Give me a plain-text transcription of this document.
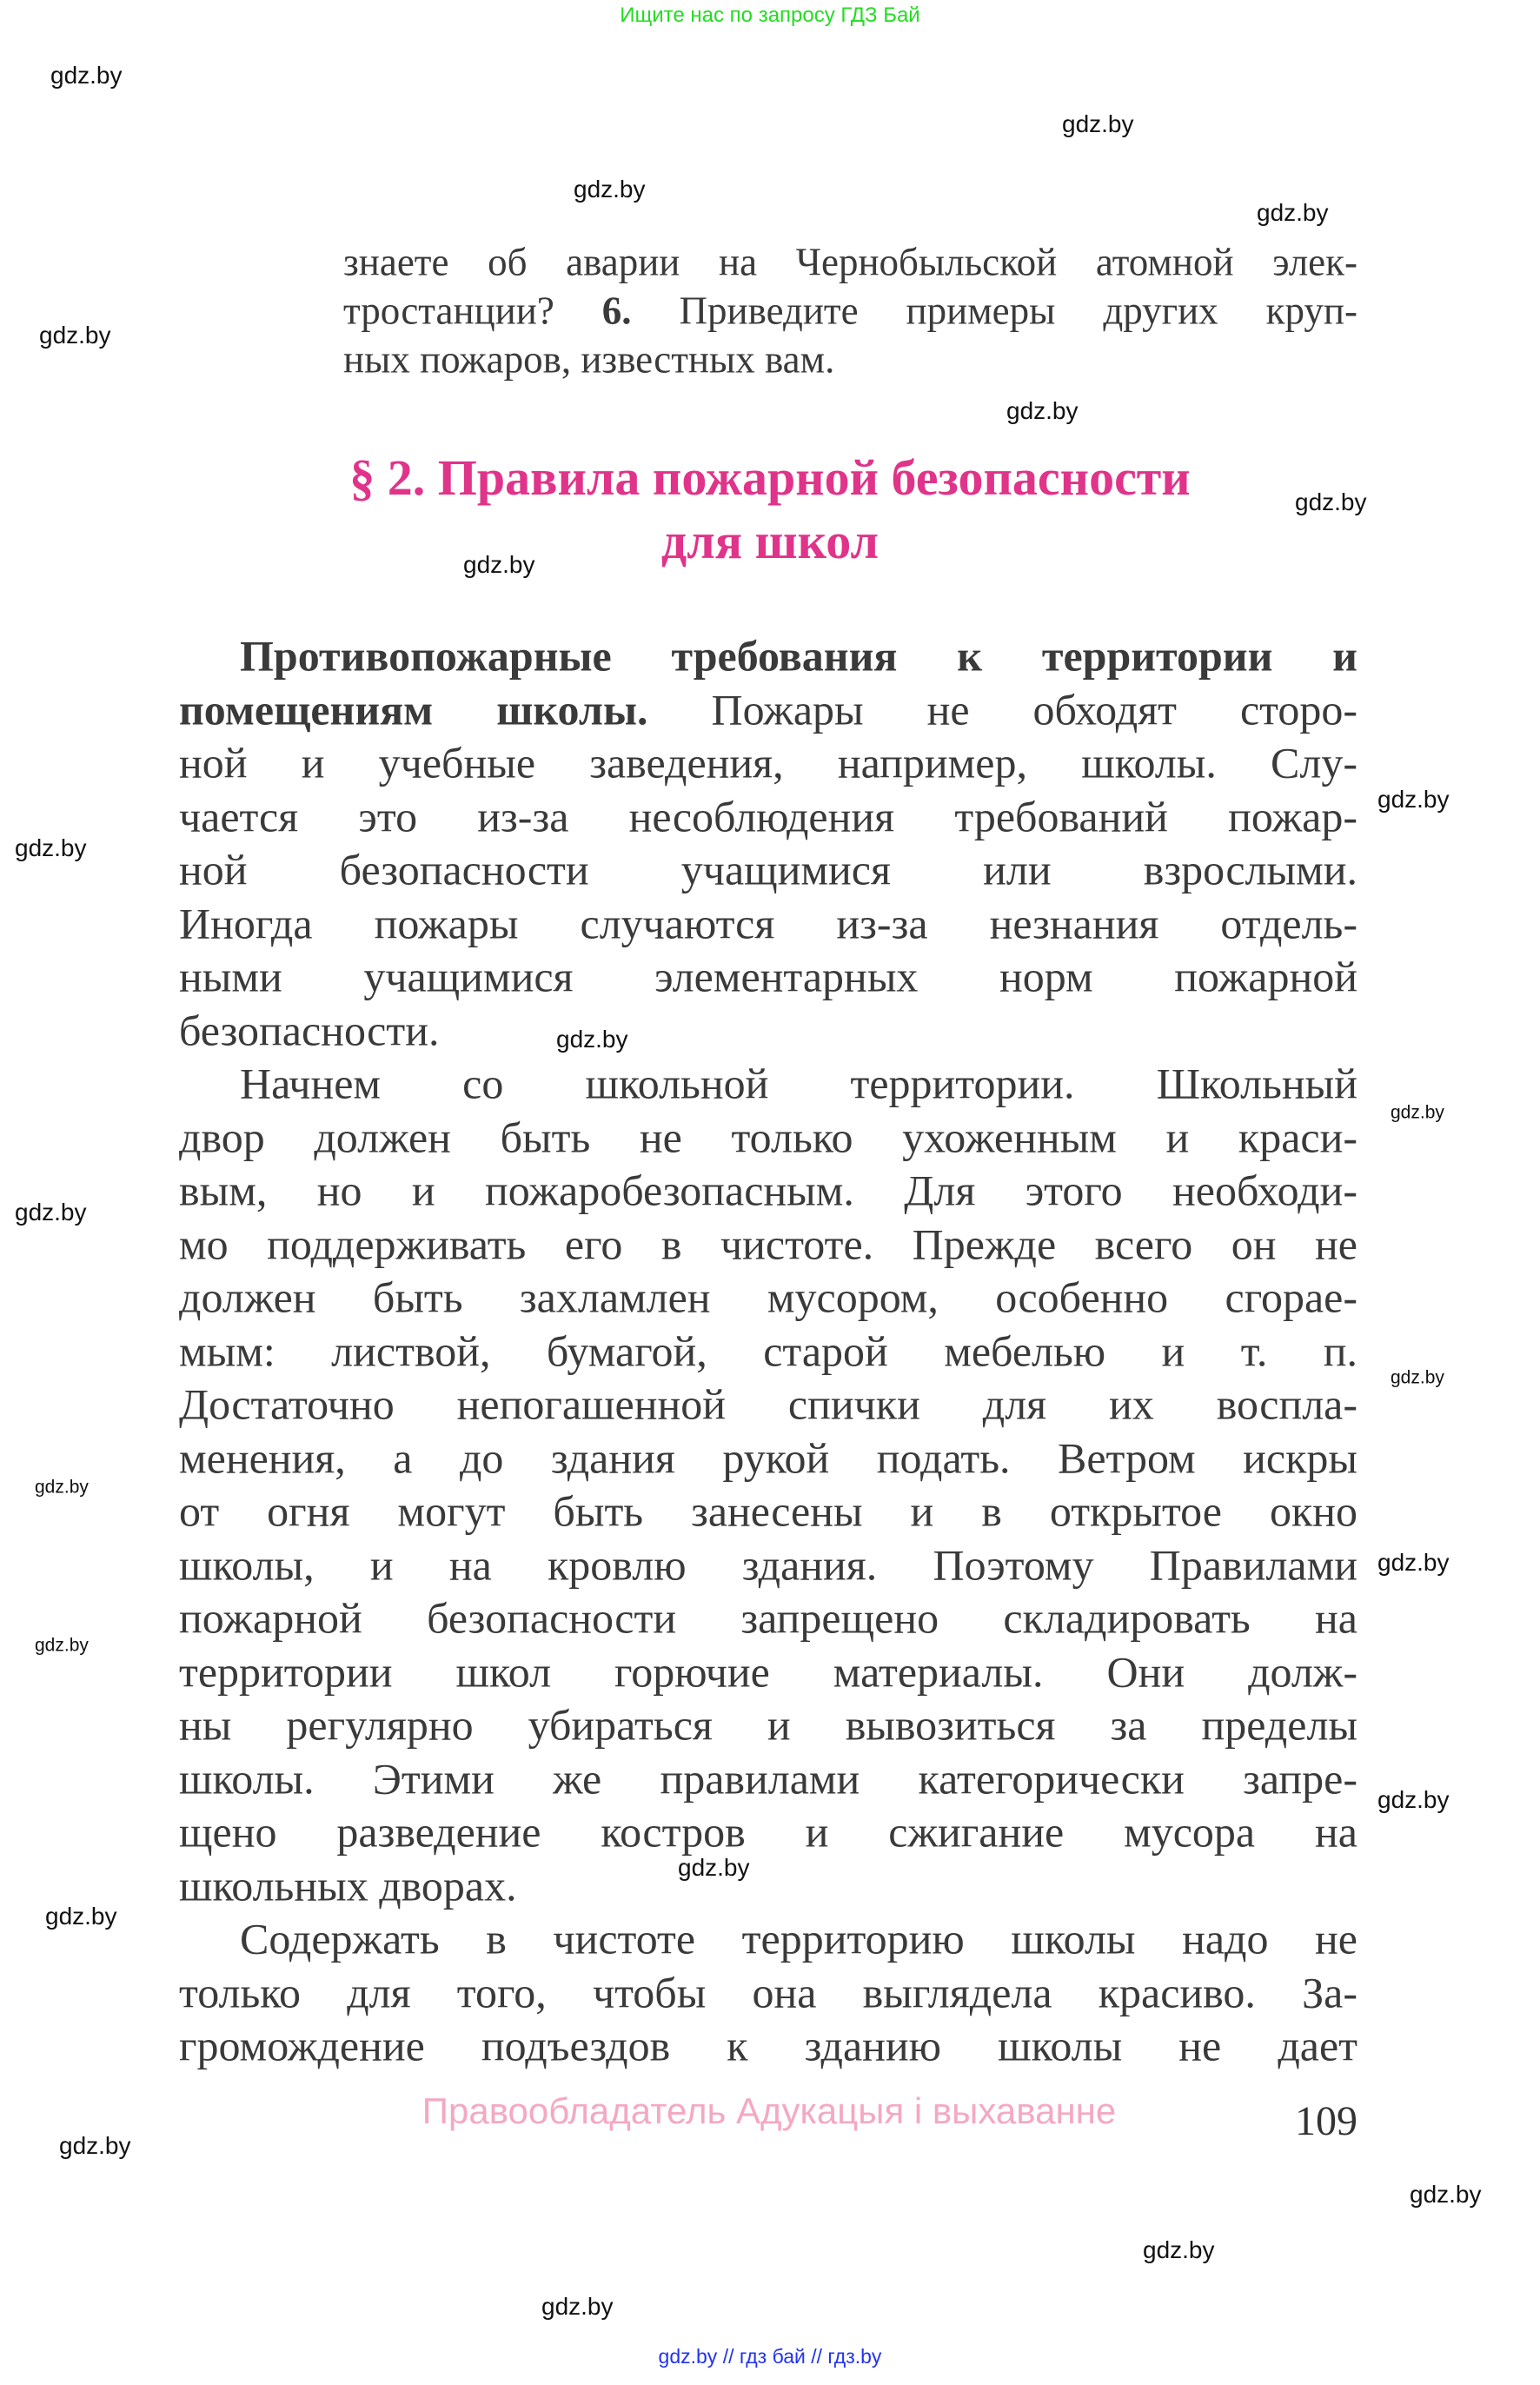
Ищите нас по запросу ГДЗ Бай
знаете об аварии на Чернобыльской атомной элек-
тростанции? 6. Приведите примеры других круп-
ных пожаров, известных вам.
§ 2. Правила пожарной безопасности
для школ
Противопожарные требования к территории и
помещениям школы. Пожары не обходят сторо-
ной и учебные заведения, например, школы. Слу-
чается это из-за несоблюдения требований пожар-
ной безопасности учащимися или взрослыми.
Иногда пожары случаются из-за незнания отдель-
ными учащимися элементарных норм пожарной
безопасности.
Начнем со школьной территории. Школьный
двор должен быть не только ухоженным и краси-
вым, но и пожаробезопасным. Для этого необходи-
мо поддерживать его в чистоте. Прежде всего он не
должен быть захламлен мусором, особенно сгорае-
мым: листвой, бумагой, старой мебелью и т. п.
Достаточно непогашенной спички для их воспла-
менения, а до здания рукой подать. Ветром искры
от огня могут быть занесены и в открытое окно
школы, и на кровлю здания. Поэтому Правилами
пожарной безопасности запрещено складировать на
территории школ горючие материалы. Они долж-
ны регулярно убираться и вывозиться за пределы
школы. Этими же правилами категорически запре-
щено разведение костров и сжигание мусора на
школьных дворах.
Содержать в чистоте территорию школы надо не
только для того, чтобы она выглядела красиво. За-
громождение подъездов к зданию школы не дает
Правообладатель Адукацыя і выхаванне	109
gdz.by
gdz.by
gdz.by
gdz.by
gdz.by
gdz.by
gdz.by
gdz.by
gdz.by
gdz.by
gdz.by
gdz.by
gdz.by
gdz.by
gdz.by
gdz.by
gdz.by
gdz.by
gdz.by
gdz.by
gdz.by
gdz.by
gdz.by
gdz.by
gdz.by // гдз бай // гдз.by
